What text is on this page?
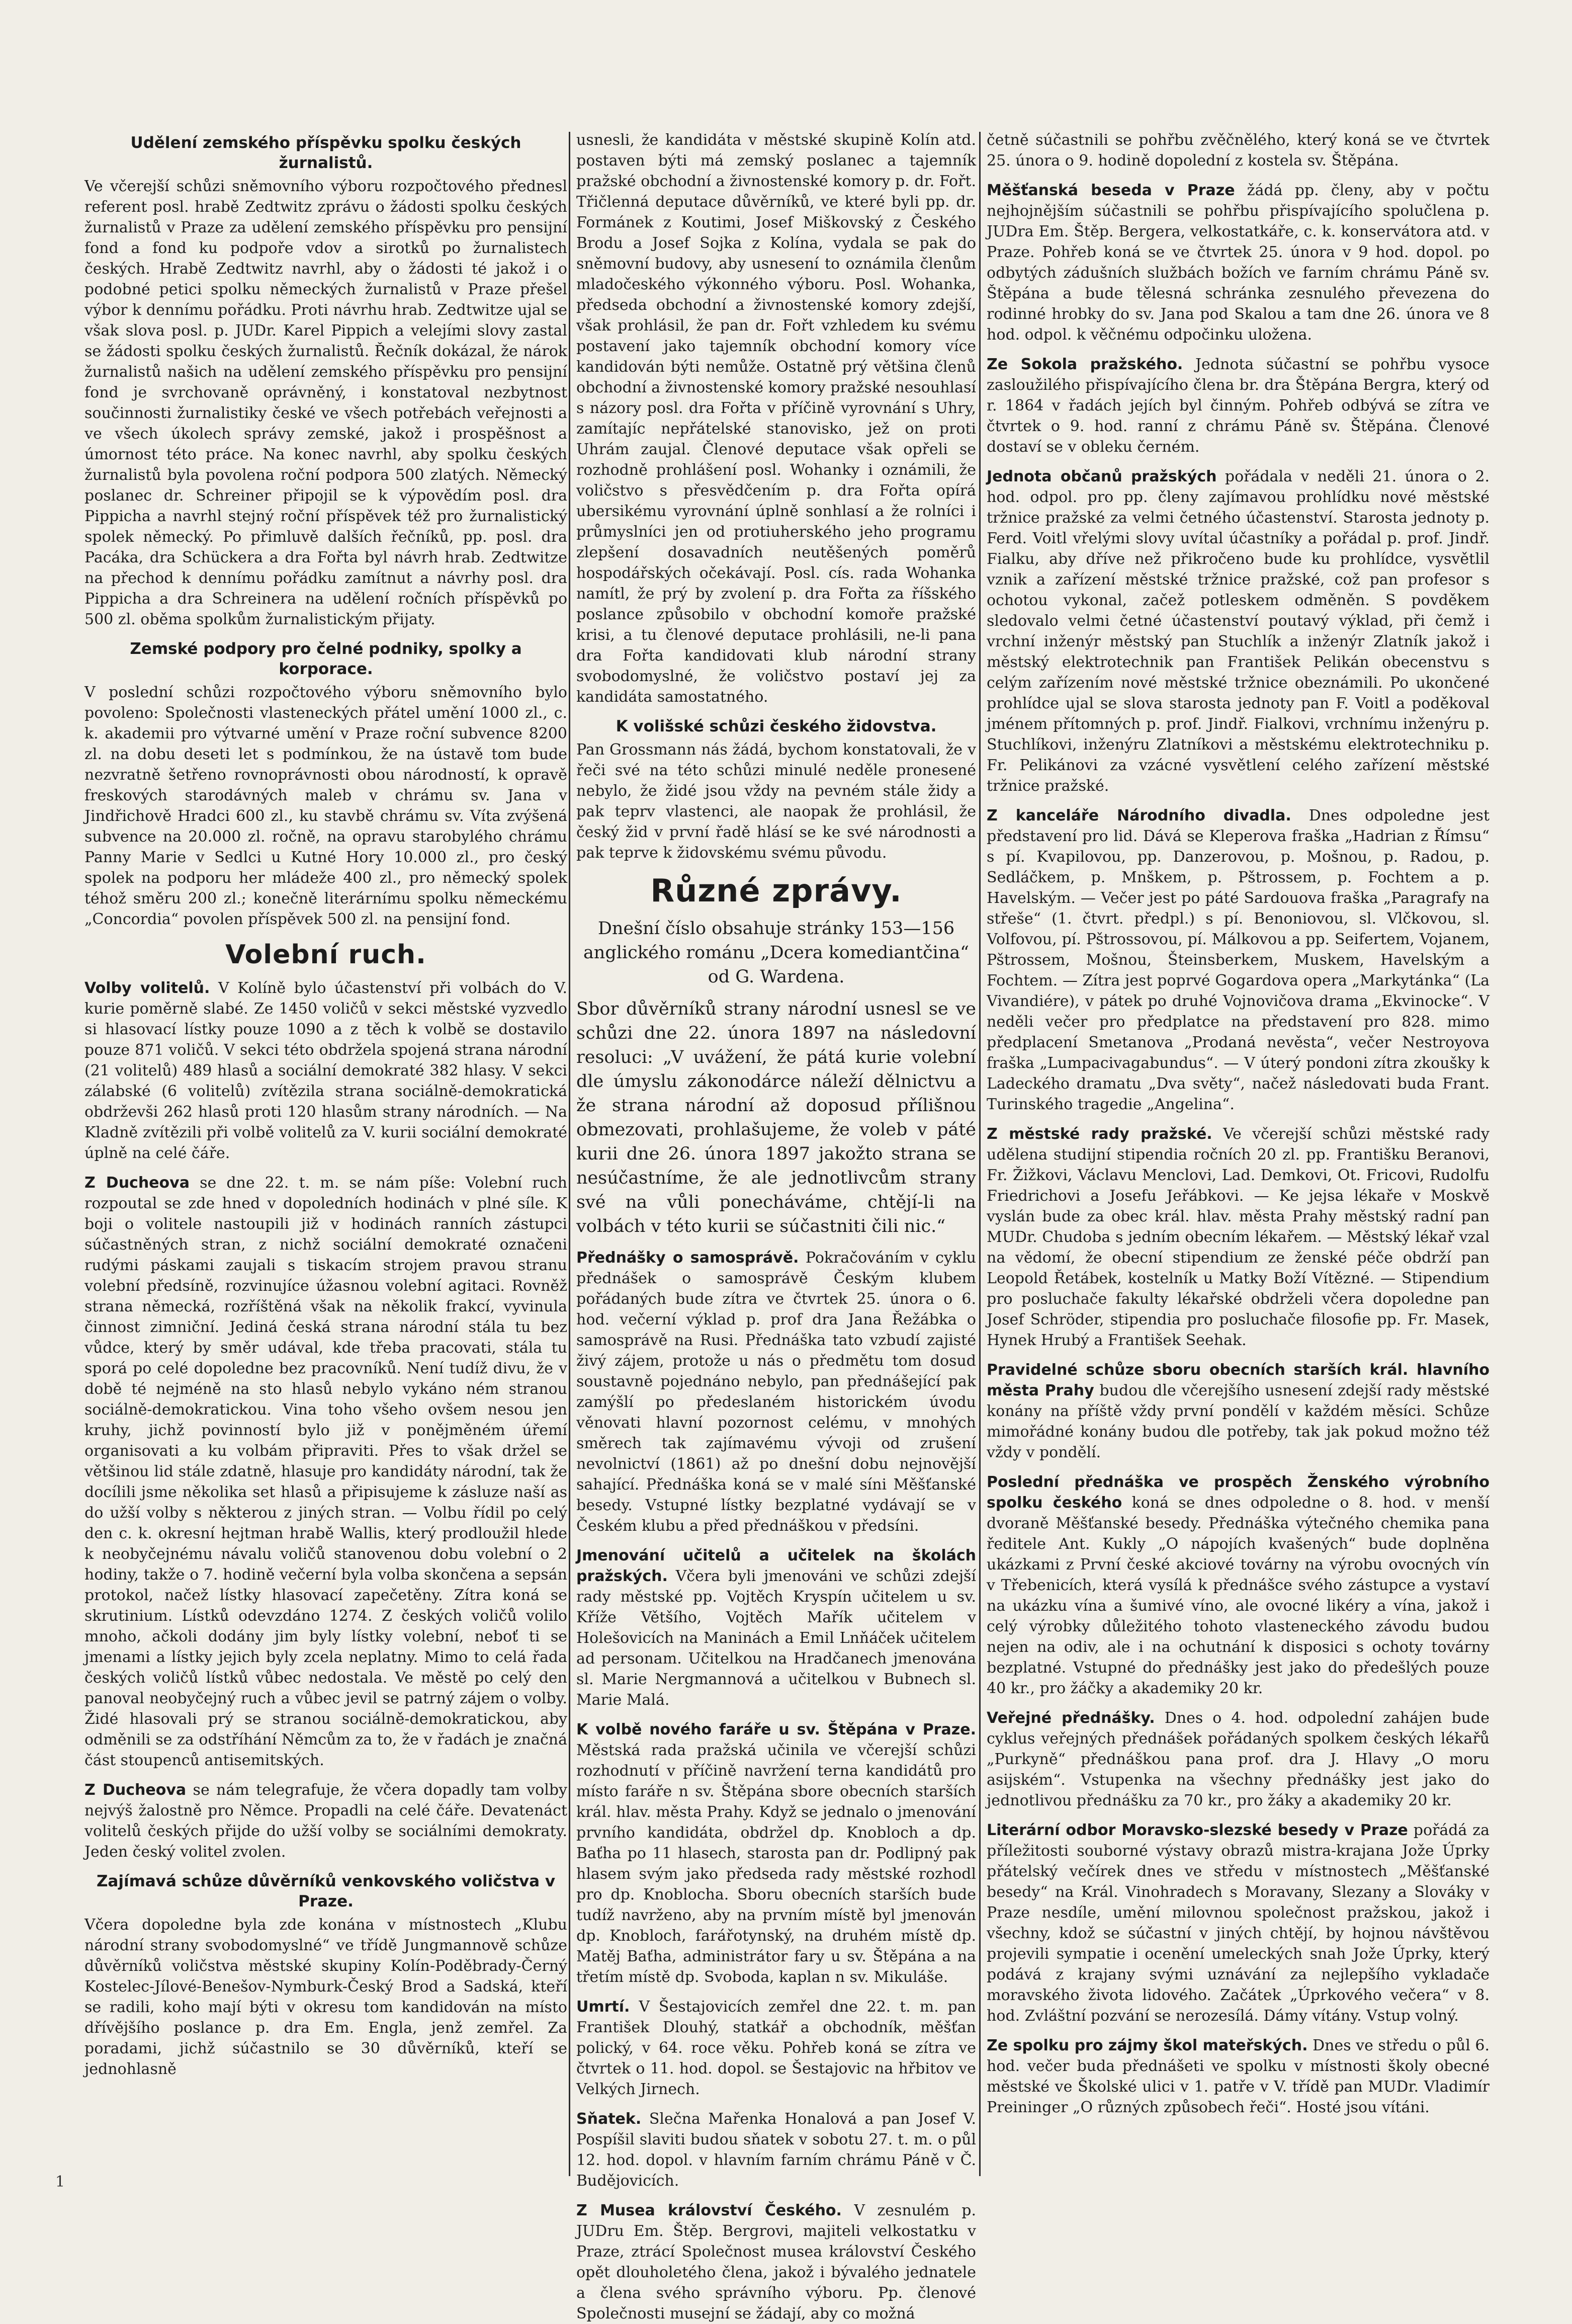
Udělení zemského příspěvku spolku českých žurnalistů.
Ve včerejší schůzi sněmovního výboru rozpočtového přednesl referent posl. hrabě Zedtwitz zprávu o žádosti spolku českých žurnalistů v Praze za udělení zemského příspěvku pro pensijní fond a fond ku podpoře vdov a sirotků po žurnalistech českých. Hrabě Zedtwitz navrhl, aby o žádosti té jakož i o podobné petici spolku německých žurnalistů v Praze přešel výbor k dennímu pořádku. Proti návrhu hrab. Zedtwitze ujal se však slova posl. p. JUDr. Karel Pippich a velejími slovy zastal se žádosti spolku českých žurnalistů. Řečník dokázal, že nárok žurnalistů našich na udělení zemského příspěvku pro pensijní fond je svrchovaně oprávněný, i konstatoval nezbytnost součinnosti žurnalistiky české ve všech potřebách veřejnosti a ve všech úkolech správy zemské, jakož i prospěšnost a úmornost této práce. Na konec navrhl, aby spolku českých žurnalistů byla povolena roční podpora 500 zlatých. Německý poslanec dr. Schreiner připojil se k výpovědím posl. dra Pippicha a navrhl stejný roční příspěvek též pro žurnalistický spolek německý. Po přimluvě dalších řečníků, pp. posl. dra Pacáka, dra Schückera a dra Fořta byl návrh hrab. Zedtwitze na přechod k dennímu pořádku zamítnut a návrhy posl. dra Pippicha a dra Schreinera na udělení ročních příspěvků po 500 zl. oběma spolkům žurnalistickým přijaty.
Zemské podpory pro čelné podniky, spolky a korporace.
V poslední schůzi rozpočtového výboru sněmovního bylo povoleno: Společnosti vlasteneckých přátel umění 1000 zl., c. k. akademii pro výtvarné umění v Praze roční subvence 8200 zl. na dobu deseti let s podmínkou, že na ústavě tom bude nezvratně šetřeno rovnoprávnosti obou národností, k opravě freskových starodávných maleb v chrámu sv. Jana v Jindřichově Hradci 600 zl., ku stavbě chrámu sv. Víta zvýšená subvence na 20.000 zl. ročně, na opravu starobylého chrámu Panny Marie v Sedlci u Kutné Hory 10.000 zl., pro český spolek na podporu her mládeže 400 zl., pro německý spolek téhož směru 200 zl.; konečně literárnímu spolku německému „Concordia“ povolen příspěvek 500 zl. na pensijní fond.
Volební ruch.
Volby volitelů. V Kolíně bylo účastenství při volbách do V. kurie poměrně slabé. Ze 1450 voličů v sekci městské vyzvedlo si hlasovací lístky pouze 1090 a z těch k volbě se dostavilo pouze 871 voličů. V sekci této obdržela spojená strana národní (21 volitelů) 489 hlasů a sociální demokraté 382 hlasy. V sekci zálabské (6 volitelů) zvítězila strana sociálně-demokratická obdrževši 262 hlasů proti 120 hlasům strany národních. — Na Kladně zvítězili při volbě volitelů za V. kurii sociální demokraté úplně na celé čáře.
Z Ducheova se dne 22. t. m. se nám píše: Volební ruch rozpoutal se zde hned v dopoledních hodinách v plné síle. K boji o volitele nastoupili již v hodinách ranních zástupci súčastněných stran, z nichž sociální demokraté označeni rudými páskami zaujali s tiskacím strojem pravou stranu volební předsíně, rozvinujíce úžasnou volební agitaci. Rovněž strana německá, rozříštěná však na několik frakcí, vyvinula činnost zimniční. Jediná česká strana národní stála tu bez vůdce, který by směr udával, kde třeba pracovati, stála tu sporá po celé dopoledne bez pracovníků. Není tudíž divu, že v době té nejméně na sto hlasů nebylo vykáno ném stranou sociálně-demokratickou. Vina toho všeho ovšem nesou jen kruhy, jichž povinností bylo již v ponějměném úřemí organisovati a ku volbám připraviti. Přes to však držel se většinou lid stále zdatně, hlasuje pro kandidáty národní, tak že docílili jsme několika set hlasů a připisujeme k zásluze naší as do užší volby s některou z jiných stran. — Volbu řídil po celý den c. k. okresní hejtman hrabě Wallis, který prodloužil hlede k neobyčejnému návalu voličů stanovenou dobu volební o 2 hodiny, takže o 7. hodině večerní byla volba skončena a sepsán protokol, načež lístky hlasovací zapečetěny. Zítra koná se skrutinium. Lístků odevzdáno 1274. Z českých voličů volilo mnoho, ačkoli dodány jim byly lístky volební, neboť ti se jmenami a lístky jejich byly zcela neplatny. Mimo to celá řada českých voličů lístků vůbec nedostala. Ve městě po celý den panoval neobyčejný ruch a vůbec jevil se patrný zájem o volby. Židé hlasovali prý se stranou sociálně-demokratickou, aby odměnili se za odstříhání Němcům za to, že v řadách je značná část stoupenců antisemitských.
Z Ducheova se nám telegrafuje, že včera dopadly tam volby nejvýš žalostně pro Němce. Propadli na celé čáře. Devatenáct volitelů českých přijde do užší volby se sociálními demokraty. Jeden český volitel zvolen.
Zajímavá schůze důvěrníků venkovského voličstva v Praze.
Včera dopoledne byla zde konána v místnostech „Klubu národní strany svobodomyslné“ ve třídě Jungmannově schůze důvěrníků voličstva městské skupiny Kolín-Poděbrady-Černý Kostelec-Jílové-Benešov-Nymburk-Český Brod a Sadská, kteří se radili, koho mají býti v okresu tom kandidován na místo dřívějšího poslance p. dra Em. Engla, jenž zemřel. Za poradami, jichž súčastnilo se 30 důvěrníků, kteří se jednohlasně
usnesli, že kandidáta v městské skupině Kolín atd. postaven býti má zemský poslanec a tajemník pražské obchodní a živnostenské komory p. dr. Fořt. Třičlenná deputace důvěrníků, ve které byli pp. dr. Formánek z Koutimi, Josef Miškovský z Českého Brodu a Josef Sojka z Kolína, vydala se pak do sněmovní budovy, aby usnesení to oznámila členům mladočeského výkonného výboru. Posl. Wohanka, předseda obchodní a živnostenské komory zdejší, však prohlásil, že pan dr. Fořt vzhledem ku svému postavení jako tajemník obchodní komory více kandidován býti nemůže. Ostatně prý většina členů obchodní a živnostenské komory pražské nesouhlasí s názory posl. dra Fořta v příčině vyrovnání s Uhry, zamítajíc nepřátelské stanovisko, jež on proti Uhrám zaujal. Členové deputace však opřeli se rozhodně prohlášení posl. Wohanky i oznámili, že voličstvo s přesvědčením p. dra Fořta opírá ubersikému vyrovnání úplně sonhlasí a že rolníci i průmyslníci jen od protiuherského jeho programu zlepšení dosavadních neutěšených poměrů hospodářských očekávají. Posl. cís. rada Wohanka namítl, že prý by zvolení p. dra Fořta za říšského poslance způsobilo v obchodní komoře pražské krisi, a tu členové deputace prohlásili, ne-li pana dra Fořta kandidovati klub národní strany svobodomyslné, že voličstvo postaví jej za kandidáta samostatného.
K volišské schůzi českého židovstva.
Pan Grossmann nás žádá, bychom konstatovali, že v řeči své na této schůzi minulé neděle pronesené nebylo, že židé jsou vždy na pevném stále židy a pak teprv vlastenci, ale naopak že prohlásil, že český žid v první řadě hlásí se ke své národnosti a pak teprve k židovskému svému původu.
Různé zprávy.
Dnešní číslo obsahuje stránky 153—156 anglického románu „Dcera komediantčina“ od G. Wardena.
Sbor důvěrníků strany národní usnesl se ve schůzi dne 22. února 1897 na následovní resoluci: „V uvážení, že pátá kurie volební dle úmyslu zákonodárce náleží dělnictvu a že strana národní až doposud přílišnou obmezovati, prohlašujeme, že voleb v páté kurii dne 26. února 1897 jakožto strana se nesúčastníme, že ale jednotlivcům strany své na vůli ponecháváme, chtějí-li na volbách v této kurii se súčastniti čili nic.“
Přednášky o samosprávě. Pokračováním v cyklu přednášek o samosprávě Českým klubem pořádaných bude zítra ve čtvrtek 25. února o 6. hod. večerní výklad p. prof dra Jana Řežábka o samosprávě na Rusi. Přednáška tato vzbudí zajisté živý zájem, protože u nás o předmětu tom dosud soustavně pojednáno nebylo, pan přednášející pak zamýšlí po předeslaném historickém úvodu věnovati hlavní pozornost celému, v mnohých směrech tak zajímavému vývoji od zrušení nevolnictví (1861) až po dnešní dobu nejnovější sahající. Přednáška koná se v malé síni Měšťanské besedy. Vstupné lístky bezplatné vydávají se v Českém klubu a před přednáškou v předsíni.
Jmenování učitelů a učitelek na školách pražských. Včera byli jmenováni ve schůzi zdejší rady městské pp. Vojtěch Kryspín učitelem u sv. Kříže Většího, Vojtěch Mařík učitelem v Holešovicích na Maninách a Emil Lnňáček učitelem ad personam. Učitelkou na Hradčanech jmenována sl. Marie Nergmannová a učitelkou v Bubnech sl. Marie Malá.
K volbě nového faráře u sv. Štěpána v Praze. Městská rada pražská učinila ve včerejší schůzi rozhodnutí v příčině navržení terna kandidátů pro místo faráře n sv. Štěpána sbore obecních starších král. hlav. města Prahy. Když se jednalo o jmenování prvního kandidáta, obdržel dp. Knobloch a dp. Baťha po 11 hlasech, starosta pan dr. Podlipný pak hlasem svým jako předseda rady městské rozhodl pro dp. Knoblocha. Sboru obecních starších bude tudíž navrženo, aby na prvním místě byl jmenován dp. Knobloch, farářotynský, na druhém místě dp. Matěj Baťha, administrátor fary u sv. Štěpána a na třetím místě dp. Svoboda, kaplan n sv. Mikuláše.
Umrtí. V Šestajovicích zemřel dne 22. t. m. pan František Dlouhý, statkář a obchodník, měšťan polický, v 64. roce věku. Pohřeb koná se zítra ve čtvrtek o 11. hod. dopol. se Šestajovic na hřbitov ve Velkých Jirnech.
Sňatek. Slečna Mařenka Honalová a pan Josef V. Pospíšil slaviti budou sňatek v sobotu 27. t. m. o půl 12. hod. dopol. v hlavním farním chrámu Páně v Č. Budějovicích.
Z Musea království Českého. V zesnulém p. JUDru Em. Štěp. Bergrovi, majiteli velkostatku v Praze, ztrácí Společnost musea království Českého opět dlouholetého člena, jakož i bývalého jednatele a člena svého správního výboru. Pp. členové Společnosti musejní se žádají, aby co možná
četně súčastnili se pohřbu zvěčnělého, který koná se ve čtvrtek 25. února o 9. hodině dopolední z kostela sv. Štěpána.
Měšťanská beseda v Praze žádá pp. členy, aby v počtu nejhojnějším súčastnili se pohřbu přispívajícího spolučlena p. JUDra Em. Štěp. Bergera, velkostatkáře, c. k. konservátora atd. v Praze. Pohřeb koná se ve čtvrtek 25. února v 9 hod. dopol. po odbytých zádušních službách božích ve farním chrámu Páně sv. Štěpána a bude tělesná schránka zesnulého převezena do rodinné hrobky do sv. Jana pod Skalou a tam dne 26. února ve 8 hod. odpol. k věčnému odpočinku uložena.
Ze Sokola pražského. Jednota súčastní se pohřbu vysoce zasloužilého přispívajícího člena br. dra Štěpána Bergra, který od r. 1864 v řadách jejích byl činným. Pohřeb odbývá se zítra ve čtvrtek o 9. hod. ranní z chrámu Páně sv. Štěpána. Členové dostaví se v obleku černém.
Jednota občanů pražských pořádala v neděli 21. února o 2. hod. odpol. pro pp. členy zajímavou prohlídku nové městské tržnice pražské za velmi četného účastenství. Starosta jednoty p. Ferd. Voitl vřelými slovy uvítal účastníky a pořádal p. prof. Jindř. Fialku, aby dříve než přikročeno bude ku prohlídce, vysvětlil vznik a zařízení městské tržnice pražské, což pan profesor s ochotou vykonal, začež potleskem odměněn. S povděkem sledovalo velmi četné účastenství poutavý výklad, při čemž i vrchní inženýr městský pan Stuchlík a inženýr Zlatník jakož i městský elektrotechnik pan František Pelikán obecenstvu s celým zařízením nové městské tržnice obeznámili. Po ukončené prohlídce ujal se slova starosta jednoty pan F. Voitl a poděkoval jménem přítomných p. prof. Jindř. Fialkovi, vrchnímu inženýru p. Stuchlíkovi, inženýru Zlatníkovi a městskému elektrotechniku p. Fr. Pelikánovi za vzácné vysvětlení celého zařízení městské tržnice pražské.
Z kanceláře Národního divadla. Dnes odpoledne jest představení pro lid. Dává se Kleperova fraška „Hadrian z Římsu“ s pí. Kvapilovou, pp. Danzerovou, p. Mošnou, p. Radou, p. Sedláčkem, p. Mnškem, p. Pštrossem, p. Fochtem a p. Havelským. — Večer jest po páté Sardouova fraška „Paragrafy na střeše“ (1. čtvrt. předpl.) s pí. Benoniovou, sl. Vlčkovou, sl. Volfovou, pí. Pštrossovou, pí. Málkovou a pp. Seifertem, Vojanem, Pštrossem, Mošnou, Šteinsberkem, Muskem, Havelským a Fochtem. — Zítra jest poprvé Gogardova opera „Markytánka“ (La Vivandiére), v pátek po druhé Vojnovičova drama „Ekvinocke“. V neděli večer pro předplatce na představení pro 828. mimo předplacení Smetanova „Prodaná nevěsta“, večer Nestroyova fraška „Lumpacivagabundus“. — V úterý pondoni zítra zkoušky k Ladeckého dramatu „Dva světy“, načež následovati buda Frant. Turinského tragedie „Angelina“.
Z městské rady pražské. Ve včerejší schůzi městské rady udělena studijní stipendia ročních 20 zl. pp. Františku Beranovi, Fr. Žižkovi, Václavu Menclovi, Lad. Demkovi, Ot. Fricovi, Rudolfu Friedrichovi a Josefu Jeřábkovi. — Ke jejsa lékaře v Moskvě vyslán bude za obec král. hlav. města Prahy městský radní pan MUDr. Chudoba s jedním obecním lékařem. — Městský lékař vzal na vědomí, že obecní stipendium ze ženské péče obdrží pan Leopold Řetábek, kostelník u Matky Boží Vítězné. — Stipendium pro posluchače fakulty lékařské obdrželi včera dopoledne pan Josef Schröder, stipendia pro posluchače filosofie pp. Fr. Masek, Hynek Hrubý a František Seehak.
Pravidelné schůze sboru obecních starších král. hlavního města Prahy budou dle včerejšího usnesení zdejší rady městské konány na příště vždy první pondělí v každém měsíci. Schůze mimořádné konány budou dle potřeby, tak jak pokud možno též vždy v pondělí.
Poslední přednáška ve prospěch Ženského výrobního spolku českého koná se dnes odpoledne o 8. hod. v menší dvoraně Měšťanské besedy. Přednáška výtečného chemika pana ředitele Ant. Kukly „O nápojích kvašených“ bude doplněna ukázkami z První české akciové továrny na výrobu ovocných vín v Třebenicích, která vysílá k přednášce svého zástupce a vystaví na ukázku vína a šumivé víno, ale ovocné likéry a vína, jakož i celý výrobky důležitého tohoto vlasteneckého závodu budou nejen na odiv, ale i na ochutnání k disposici s ochoty továrny bezplatné. Vstupné do přednášky jest jako do předešlých pouze 40 kr., pro žáčky a akademiky 20 kr.
Veřejné přednášky. Dnes o 4. hod. odpolední zahájen bude cyklus veřejných přednášek pořádaných spolkem českých lékařů „Purkyně“ přednáškou pana prof. dra J. Hlavy „O moru asijském“. Vstupenka na všechny přednášky jest jako do jednotlivou přednášku za 70 kr., pro žáky a akademiky 20 kr.
Literární odbor Moravsko-slezské besedy v Praze pořádá za příležitosti souborné výstavy obrazů mistra-krajana Jože Úprky přátelský večírek dnes ve středu v místnostech „Měšťanské besedy“ na Král. Vinohradech s Moravany, Slezany a Slováky v Praze nesdíle, umění milovnou společnost pražskou, jakož i všechny, kdož se súčastní v jiných chtějí, by hojnou návštěvou projevili sympatie i ocenění umeleckých snah Jože Úprky, který podává z krajany svými uznávání za nejlepšího vykladače moravského života lidového. Začátek „Úprkového večera“ v 8. hod. Zvláštní pozvání se nerozesílá. Dámy vítány. Vstup volný.
Ze spolku pro zájmy škol mateřských. Dnes ve středu o půl 6. hod. večer buda přednášeti ve spolku v místnosti školy obecné městské ve Školské ulici v 1. patře v V. třídě pan MUDr. Vladimír Preininger „O různých způsobech řeči“. Hosté jsou vítáni.
1
